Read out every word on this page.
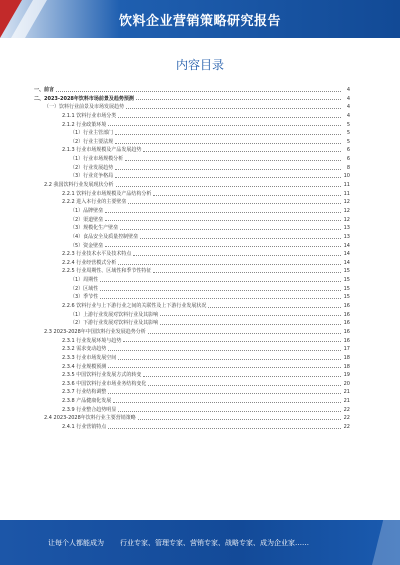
饮料企业营销策略研究报告
内容目录
一、前言	4
二、2023-2028年饮料市场前景及趋势预测	4
（一）饮料行业前景及市场发展趋势	4
2.1.1 饮料行业市场分类	4
2.1.2 行业政策环境	5
（1）行业主管部门	5
（2）行业主要法规	5
2.1.3 行业市场规模及产品发展趋势	6
（1）行业市场规模分析	6
（2）行业发展趋势	8
（3）行业竞争格局	10
2.2 我国饮料行业发展现状分析	11
2.2.1 饮料行业市场规模及产品结构分析	11
2.2.2 进入本行业的主要壁垒	12
（1）品牌壁垒	12
（2）渠道壁垒	12
（3）规模化生产壁垒	13
（4）食品安全及质量控制壁垒	13
（5）资金壁垒	14
2.2.3 行业技术水平及技术特点	14
2.2.4 行业经营模式分析	14
2.2.5 行业周期性、区域性和季节性特征	15
（1）周期性	15
（2）区域性	15
（3）季节性	15
2.2.6 饮料行业与上下游行业之间的关联性及上下游行业发展状况	16
（1）上游行业发展对饮料行业及其影响	16
（2）下游行业发展对饮料行业及其影响	16
2.3 2023-2028年中国饮料行业发展趋势分析	16
2.3.1 行业发展环境与趋势	16
2.3.2 需求变动趋势	17
2.3.3 行业市场发展空间	18
2.3.4 行业规模预测	18
2.3.5 中国饮料行业发展方式的转变	19
2.3.6 中国饮料行业市场业务结构变化	20
2.3.7 行业结构调整	21
2.3.8 产品健康化发展	21
2.3.9 行业整合趋势明显	22
2.4 2023-2028年饮料行业主要营销策略	22
2.4.1 行业营销特点	22
让每个人都能成为 行业专家、管理专家、营销专家、战略专家、成为企业家……
